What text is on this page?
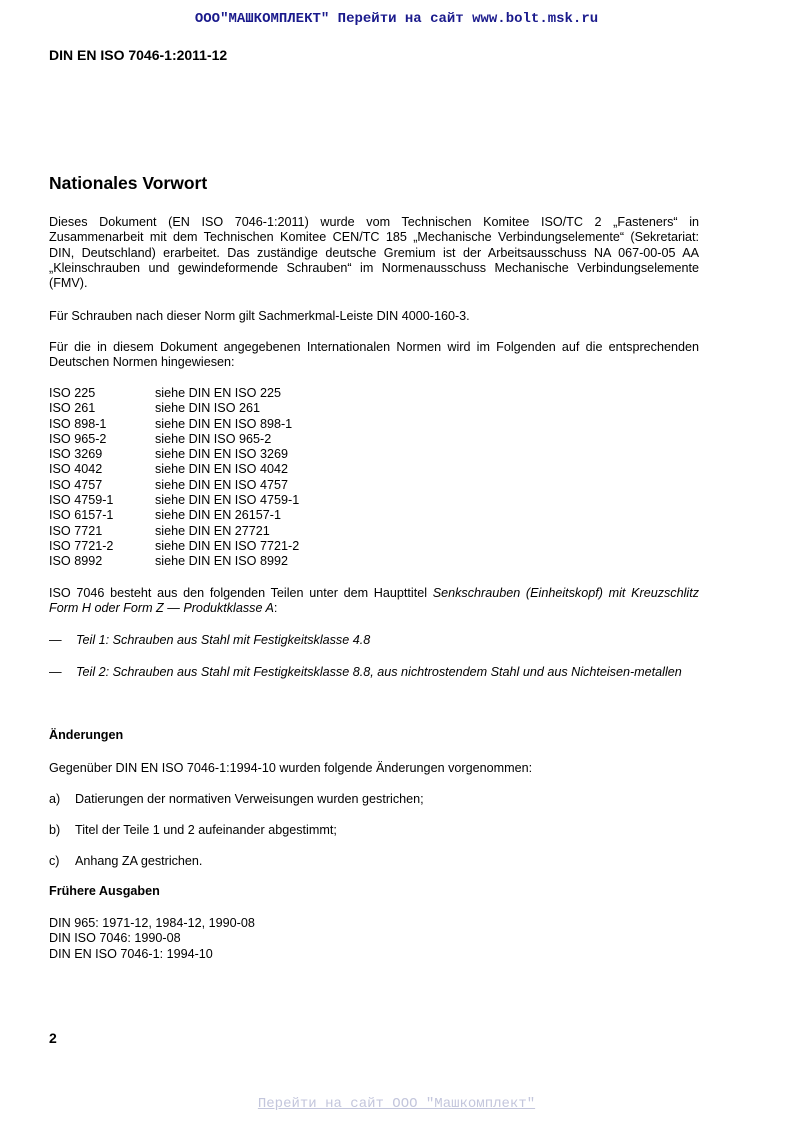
ООО"МАШКОМПЛЕКТ" Перейти на сайт www.bolt.msk.ru
DIN EN ISO 7046-1:2011-12
Nationales Vorwort

Dieses Dokument (EN ISO 7046-1:2011) wurde vom Technischen Komitee ISO/TC 2 „Fasteners“ in Zusammenarbeit mit dem Technischen Komitee CEN/TC 185 „Mechanische Verbindungselemente“ (Sekretariat: DIN, Deutschland) erarbeitet. Das zuständige deutsche Gremium ist der Arbeitsausschuss NA 067-00-05 AA „Kleinschrauben und gewindeformende Schrauben“ im Normenausschuss Mechanische Verbindungselemente (FMV).

Für Schrauben nach dieser Norm gilt Sachmerkmal-Leiste DIN 4000-160-3.

Für die in diesem Dokument angegebenen Internationalen Normen wird im Folgenden auf die entsprechenden Deutschen Normen hingewiesen:

ISO 225	siehe DIN EN ISO 225
ISO 261	siehe DIN ISO 261
ISO 898-1	siehe DIN EN ISO 898-1
ISO 965-2	siehe DIN ISO 965-2
ISO 3269	siehe DIN EN ISO 3269
ISO 4042	siehe DIN EN ISO 4042
ISO 4757	siehe DIN EN ISO 4757
ISO 4759-1	siehe DIN EN ISO 4759-1
ISO 6157-1	siehe DIN EN 26157-1
ISO 7721	siehe DIN EN 27721
ISO 7721-2	siehe DIN EN ISO 7721-2
ISO 8992	siehe DIN EN ISO 8992

ISO 7046 besteht aus den folgenden Teilen unter dem Haupttitel Senkschrauben (Einheitskopf) mit Kreuzschlitz Form H oder Form Z — Produktklasse A:

—	Teil 1: Schrauben aus Stahl mit Festigkeitsklasse 4.8
—	Teil 2: Schrauben aus Stahl mit Festigkeitsklasse 8.8, aus nichtrostendem Stahl und aus Nichteisen-metallen
Änderungen

Gegenüber DIN EN ISO 7046-1:1994-10 wurden folgende Änderungen vorgenommen:

a)	Datierungen der normativen Verweisungen wurden gestrichen;
b)	Titel der Teile 1 und 2 aufeinander abgestimmt;
c)	Anhang ZA gestrichen.
Frühere Ausgaben
DIN 965: 1971-12, 1984-12, 1990-08
DIN ISO 7046: 1990-08
DIN EN ISO 7046-1: 1994-10
2
Перейти на сайт ООО "Машкомплект"
